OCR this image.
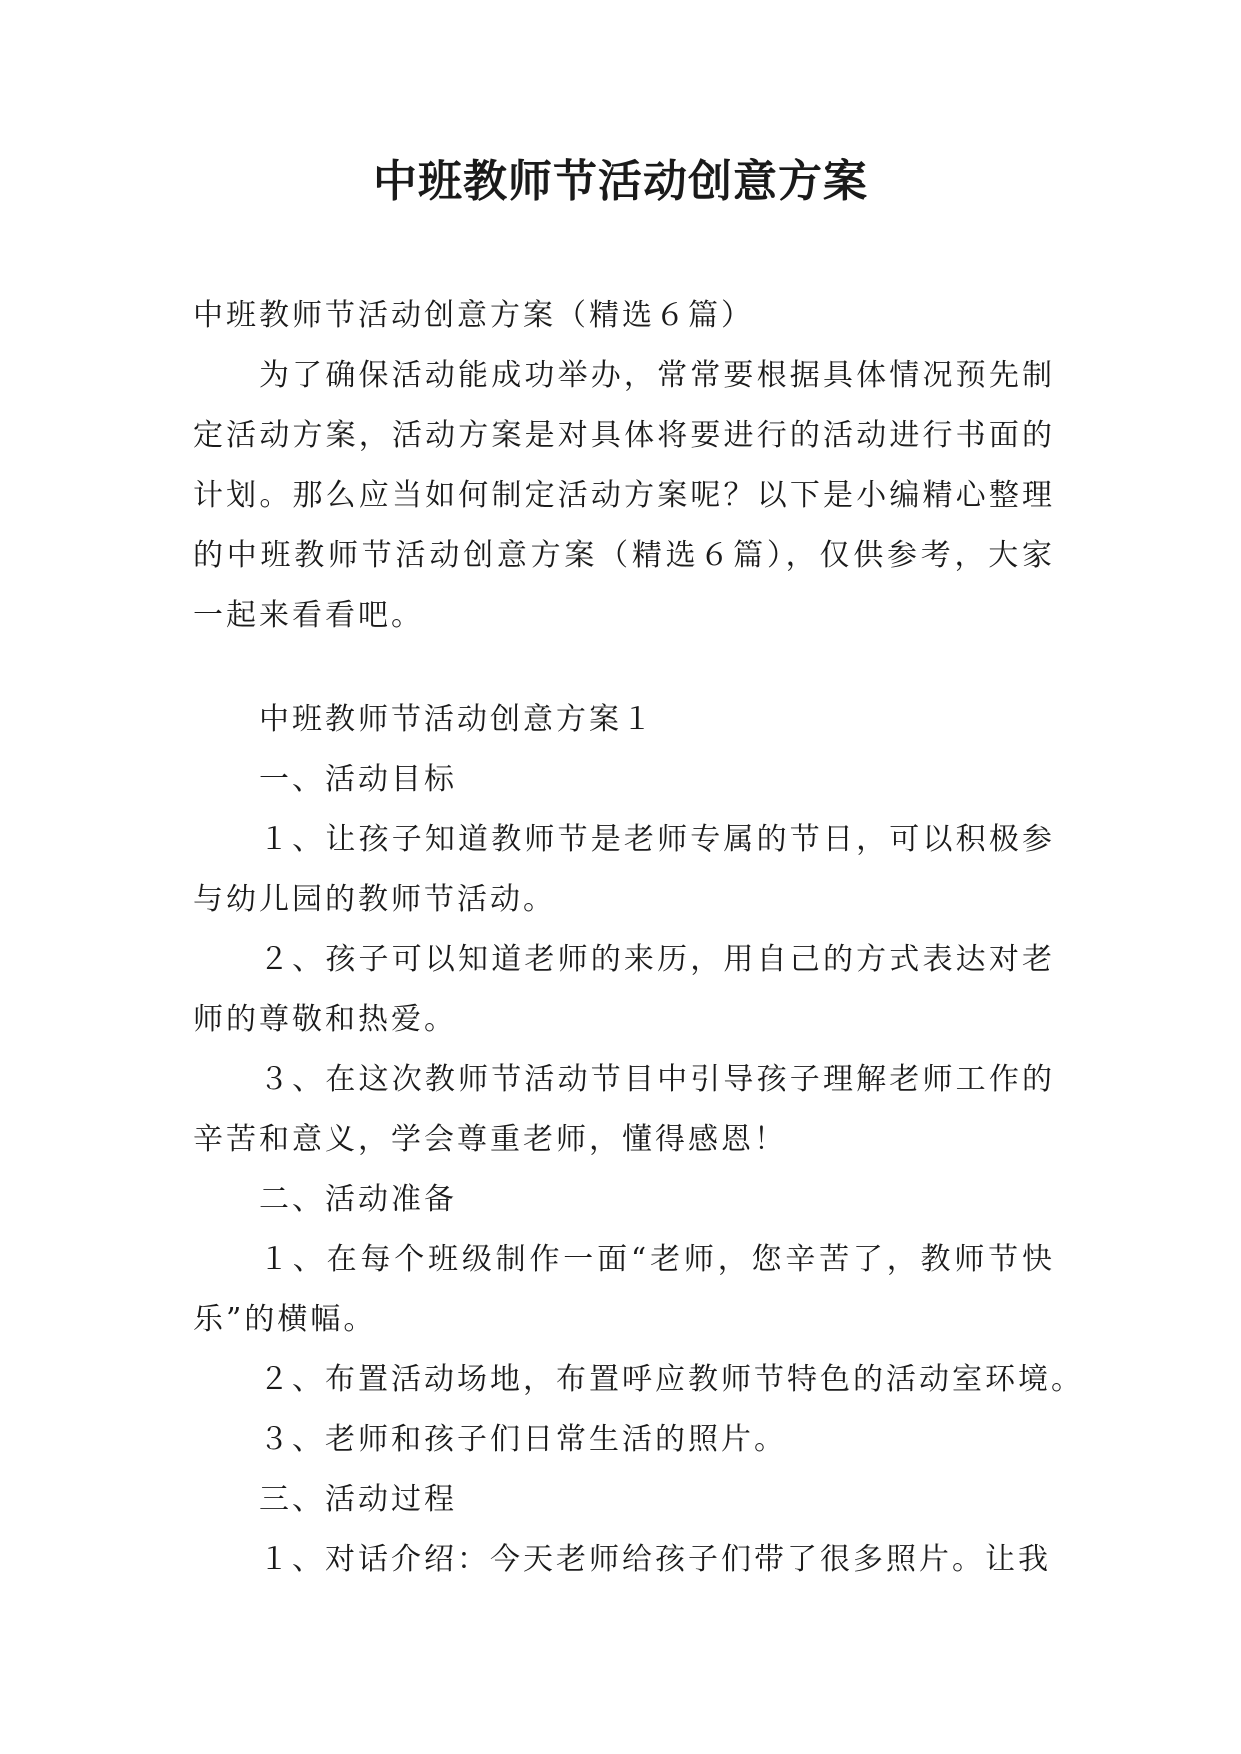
中班教师节活动创意方案

中班教师节活动创意方案（精选６篇）

为了确保活动能成功举办，常常要根据具体情况预先制定活动方案，活动方案是对具体将要进行的活动进行书面的计划。那么应当如何制定活动方案呢？以下是小编精心整理的中班教师节活动创意方案（精选６篇），仅供参考，大家一起来看看吧。

中班教师节活动创意方案１

一、活动目标

１、让孩子知道教师节是老师专属的节日，可以积极参与幼儿园的教师节活动。

２、孩子可以知道老师的来历，用自己的方式表达对老师的尊敬和热爱。

３、在这次教师节活动节目中引导孩子理解老师工作的辛苦和意义，学会尊重老师，懂得感恩！

二、活动准备

１、在每个班级制作一面“老师，您辛苦了，教师节快乐”的横幅。

２、布置活动场地，布置呼应教师节特色的活动室环境。

３、老师和孩子们日常生活的照片。

三、活动过程

１、对话介绍：今天老师给孩子们带了很多照片。让我
